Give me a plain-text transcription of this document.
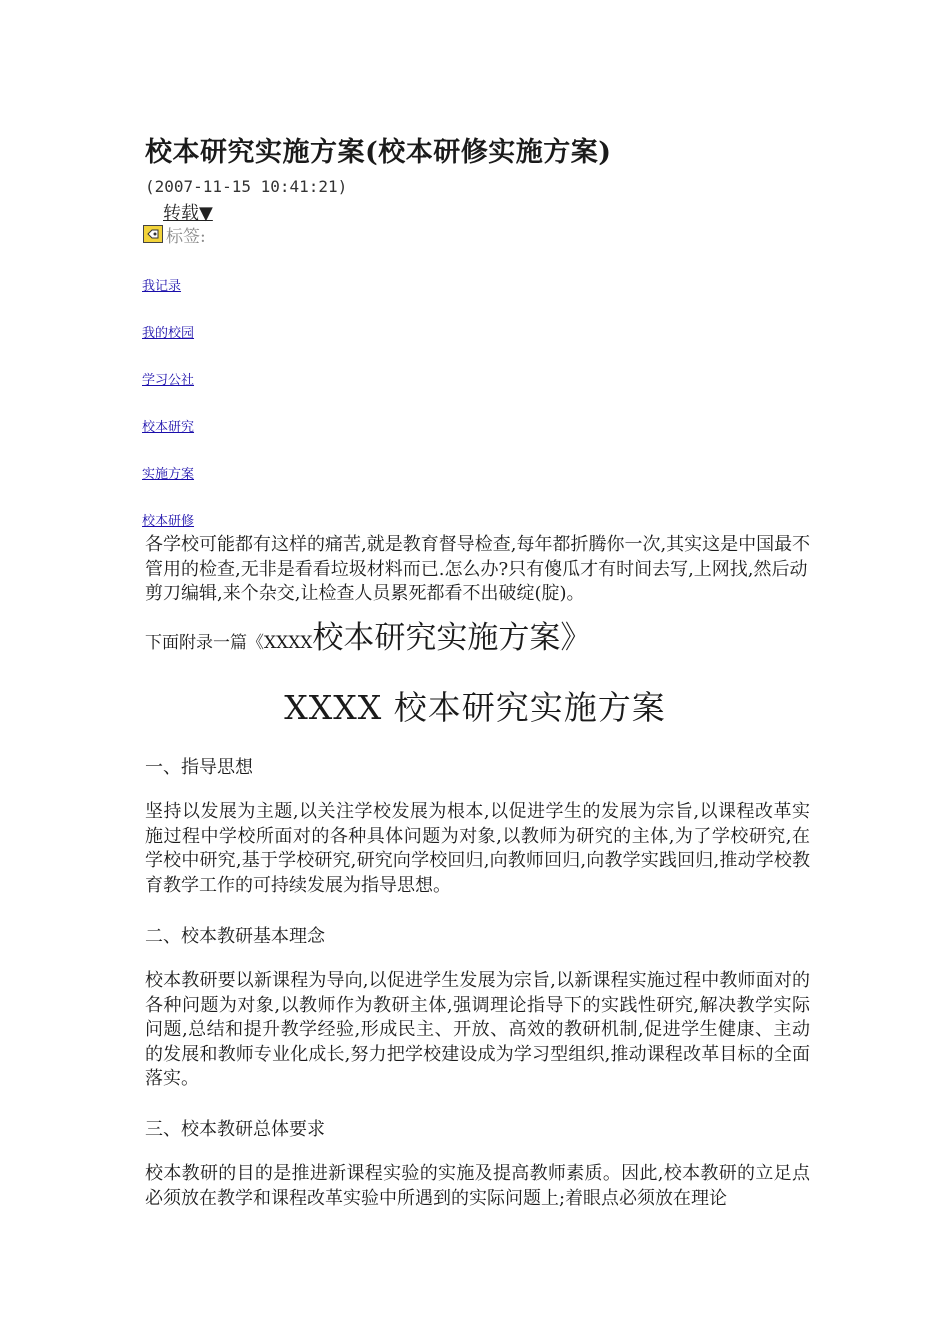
校本研究实施方案(校本研修实施方案)
(2007-11-15 10:41:21)
转载▼
标签:
我记录
我的校园
学习公社
校本研究
实施方案
校本研修

各学校可能都有这样的痛苦,就是教育督导检查,每年都折腾你一次,其实这是中国最不管用的检查,无非是看看垃圾材料而已.怎么办?只有傻瓜才有时间去写,上网找,然后动剪刀编辑,来个杂交,让检查人员累死都看不出破绽(腚)。

下面附录一篇《XXXX校本研究实施方案》
XXXX 校本研究实施方案
一、指导思想

坚持以发展为主题,以关注学校发展为根本,以促进学生的发展为宗旨,以课程改革实施过程中学校所面对的各种具体问题为对象,以教师为研究的主体,为了学校研究,在学校中研究,基于学校研究,研究向学校回归,向教师回归,向教学实践回归,推动学校教育教学工作的可持续发展为指导思想。

二、校本教研基本理念

校本教研要以新课程为导向,以促进学生发展为宗旨,以新课程实施过程中教师面对的各种问题为对象,以教师作为教研主体,强调理论指导下的实践性研究,解决教学实际问题,总结和提升教学经验,形成民主、开放、高效的教研机制,促进学生健康、主动的发展和教师专业化成长,努力把学校建设成为学习型组织,推动课程改革目标的全面落实。

三、校本教研总体要求

校本教研的目的是推进新课程实验的实施及提高教师素质。因此,校本教研的立足点必须放在教学和课程改革实验中所遇到的实际问题上;着眼点必须放在理论
